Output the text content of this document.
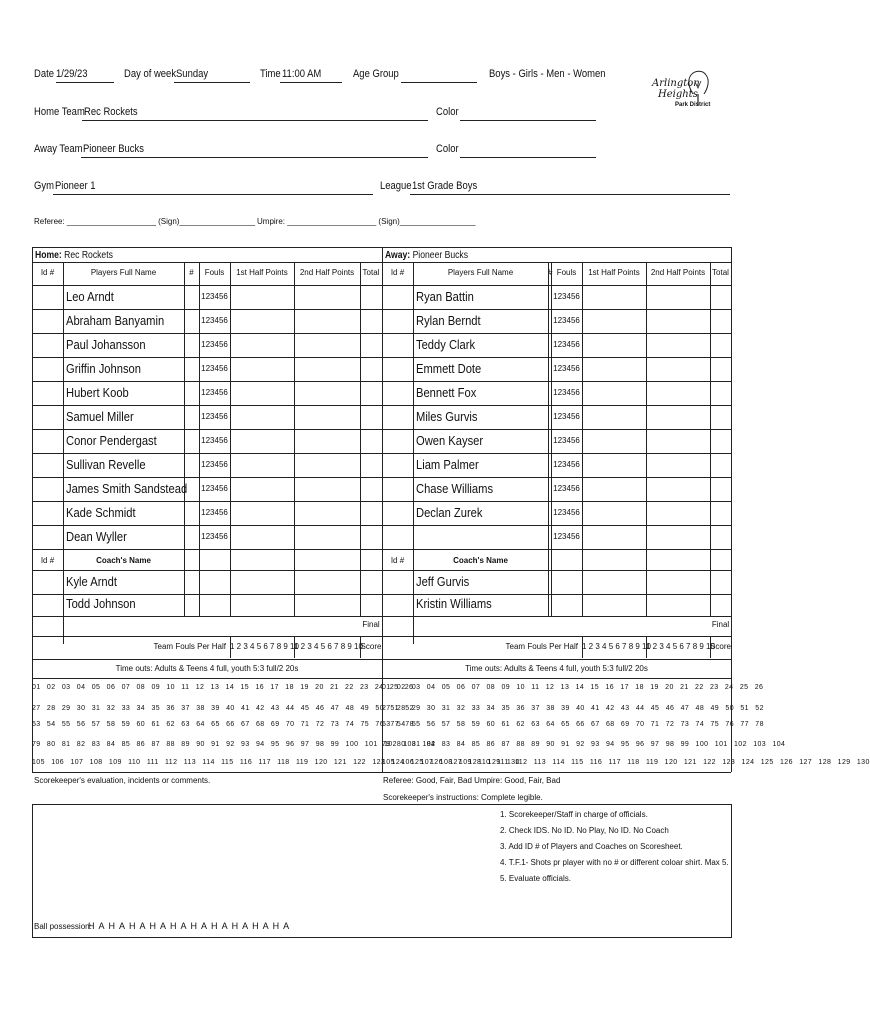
Date 1/29/23	Day of week Sunday	Time 11:00 AM	Age Group	Boys - Girls - Men - Women
Arlington
Heights
Park District
Home Team Rec Rockets	Color
Away Team Pioneer Bucks	Color
Gym Pioneer 1	League 1st Grade Boys
Referee: ____________________ (Sign)_________________ Umpire: ____________________ (Sign)_________________
Home: Rec Rockets
Id #	Players Full Name	#	Fouls	1st Half Points	2nd Half Points	Total
Leo Arndt	123456
Abraham Banyamin	123456
Paul Johansson	123456
Griffin Johnson	123456
Hubert Koob	123456
Samuel Miller	123456
Conor Pendergast	123456
Sullivan Revelle	123456
James Smith Sandstead 123456
Kade Schmidt	123456
Dean Wyller	123456
Id #	Coach's Name
Kyle Arndt
Todd Johnson
Final
Team Fouls Per Half 1 2 3 4 5 6 7 8 9 10
1 2 3 4 5 6 7 8 9 10
Score
Time outs: Adults & Teens 4 full, youth 5:3 full/2 20s
01 02 03 04 05 06 07 08 09 10 11 12 13 14 15 16 17 18 19 20 21 22 23 24 25 26
27 28 29 30 31 32 33 34 35 36 37 38 39 40 41 42 43 44 45 46 47 48 49 50 51 52
53 54 55 56 57 58 59 60 61 62 63 64 65 66 67 68 69 70 71 72 73 74 75 76 77 78
79 80 81 82 83 84 85 86 87 88 89 90 91 92 93 94 95 96 97 98 99 100 101 102 103 104
105 106 107 108 109 110 111 112 113 114 115 116 117 118 119 120 121 122 123 124 125 126 127 128 129 130
Away: Pioneer Bucks
Id #	Players Full Name	# Fouls	1st Half Points	2nd Half Points Total
Ryan Battin	123456
Rylan Berndt	123456
Teddy Clark	123456
Emmett Dote	123456
Bennett Fox	123456
Miles Gurvis	123456
Owen Kayser	123456
Liam Palmer	123456
Chase Williams	123456
Declan Zurek	123456
123456
Id #	Coach's Name
Jeff Gurvis
Kristin Williams
Final
Team Fouls Per Half 1 2 3 4 5 6 7 8 9 10
1 2 3 4 5 6 7 8 9 10
Score
Time outs: Adults & Teens 4 full, youth 5:3 full/2 20s
01 02 03 04 05 06 07 08 09 10 11 12 13 14 15 16 17 18 19 20 21 22 23 24 25 26
27 28 29 30 31 32 33 34 35 36 37 38 39 40 41 42 43 44 45 46 47 48 49 50 51 52
53 54 55 56 57 58 59 60 61 62 63 64 65 66 67 68 69 70 71 72 73 74 75 76 77 78
79 80 81 82 83 84 85 86 87 88 89 90 91 92 93 94 95 96 97 98 99 100 101 102 103 104
105 106 107 108 109 110 111 112 113 114 115 116 117 118 119 120 121 122 123 124 125 126 127 128 129 130
Scorekeeper's evaluation, incidents or comments.	Referee: Good, Fair, Bad Umpire: Good, Fair, Bad
Scorekeeper's instructions: Complete legible.
1. Scorekeeper/Staff in charge of officials.
2. Check IDS. No ID. No Play, No ID. No Coach
3. Add ID # of Players and Coaches on Scoresheet.
4. T.F.1- Shots pr player with no # or different coloar shirt. Max 5.
5. Evaluate officials.
Ball possession:
H A H A H A H A H A H A H A H A H A H A
